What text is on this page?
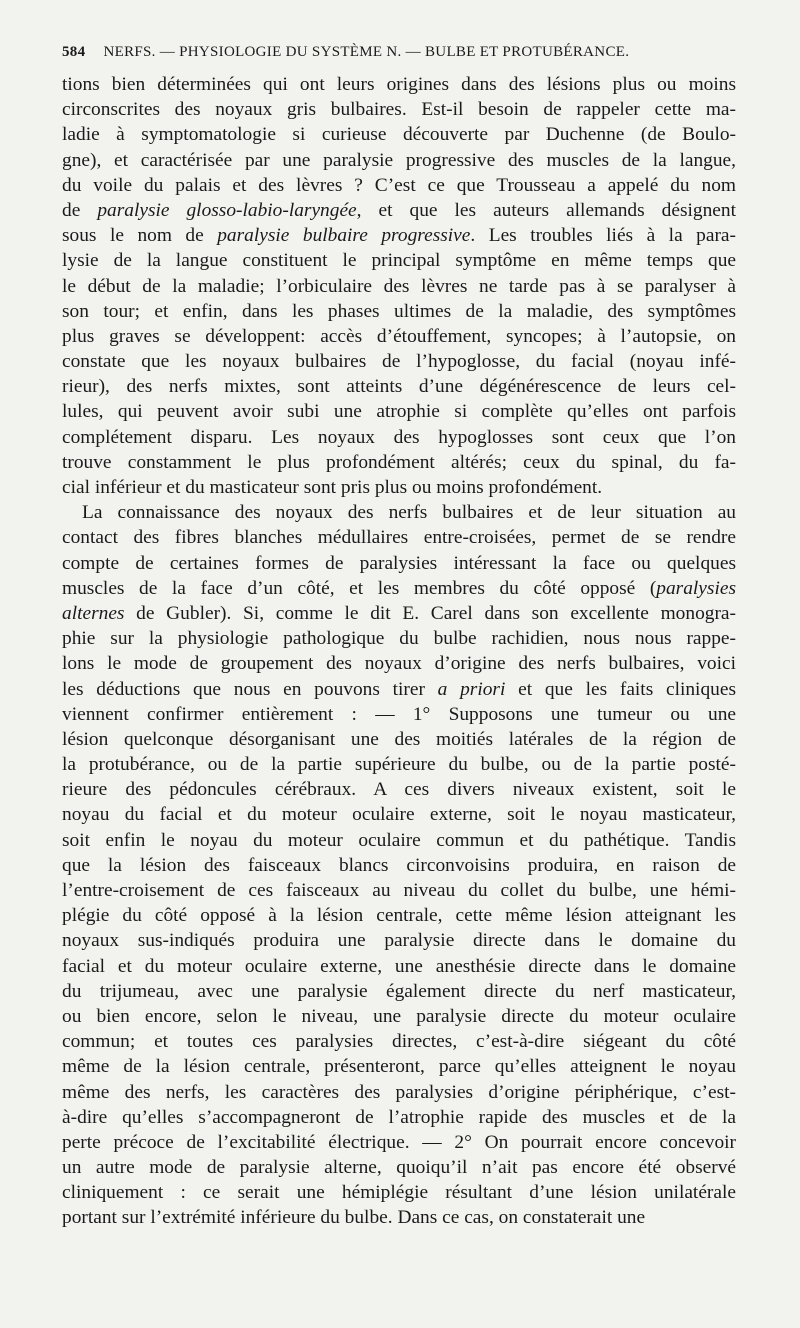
584 NERFS. — PHYSIOLOGIE DU SYSTÈME N. — BULBE ET PROTUBÉRANCE.
tions bien déterminées qui ont leurs origines dans des lésions plus ou moins
circonscrites des noyaux gris bulbaires. Est-il besoin de rappeler cette ma-
ladie à symptomatologie si curieuse découverte par Duchenne (de Boulo-
gne), et caractérisée par une paralysie progressive des muscles de la langue,
du voile du palais et des lèvres ? C’est ce que Trousseau a appelé du nom
de paralysie glosso-labio-laryngée, et que les auteurs allemands désignent
sous le nom de paralysie bulbaire progressive. Les troubles liés à la para-
lysie de la langue constituent le principal symptôme en même temps que
le début de la maladie; l’orbiculaire des lèvres ne tarde pas à se paralyser à
son tour; et enfin, dans les phases ultimes de la maladie, des symptômes
plus graves se développent: accès d’étouffement, syncopes; à l’autopsie, on
constate que les noyaux bulbaires de l’hypoglosse, du facial (noyau infé-
rieur), des nerfs mixtes, sont atteints d’une dégénérescence de leurs cel-
lules, qui peuvent avoir subi une atrophie si complète qu’elles ont parfois
complétement disparu. Les noyaux des hypoglosses sont ceux que l’on
trouve constamment le plus profondément altérés; ceux du spinal, du fa-
cial inférieur et du masticateur sont pris plus ou moins profondément.
La connaissance des noyaux des nerfs bulbaires et de leur situation au
contact des fibres blanches médullaires entre-croisées, permet de se rendre
compte de certaines formes de paralysies intéressant la face ou quelques
muscles de la face d’un côté, et les membres du côté opposé (paralysies
alternes de Gubler). Si, comme le dit E. Carel dans son excellente monogra-
phie sur la physiologie pathologique du bulbe rachidien, nous nous rappe-
lons le mode de groupement des noyaux d’origine des nerfs bulbaires, voici
les déductions que nous en pouvons tirer a priori et que les faits cliniques
viennent confirmer entièrement : — 1° Supposons une tumeur ou une
lésion quelconque désorganisant une des moitiés latérales de la région de
la protubérance, ou de la partie supérieure du bulbe, ou de la partie posté-
rieure des pédoncules cérébraux. A ces divers niveaux existent, soit le
noyau du facial et du moteur oculaire externe, soit le noyau masticateur,
soit enfin le noyau du moteur oculaire commun et du pathétique. Tandis
que la lésion des faisceaux blancs circonvoisins produira, en raison de
l’entre-croisement de ces faisceaux au niveau du collet du bulbe, une hémi-
plégie du côté opposé à la lésion centrale, cette même lésion atteignant les
noyaux sus-indiqués produira une paralysie directe dans le domaine du
facial et du moteur oculaire externe, une anesthésie directe dans le domaine
du trijumeau, avec une paralysie également directe du nerf masticateur,
ou bien encore, selon le niveau, une paralysie directe du moteur oculaire
commun; et toutes ces paralysies directes, c’est-à-dire siégeant du côté
même de la lésion centrale, présenteront, parce qu’elles atteignent le noyau
même des nerfs, les caractères des paralysies d’origine périphérique, c’est-
à-dire qu’elles s’accompagneront de l’atrophie rapide des muscles et de la
perte précoce de l’excitabilité électrique. — 2° On pourrait encore concevoir
un autre mode de paralysie alterne, quoiqu’il n’ait pas encore été observé
cliniquement : ce serait une hémiplégie résultant d’une lésion unilatérale
portant sur l’extrémité inférieure du bulbe. Dans ce cas, on constaterait une
